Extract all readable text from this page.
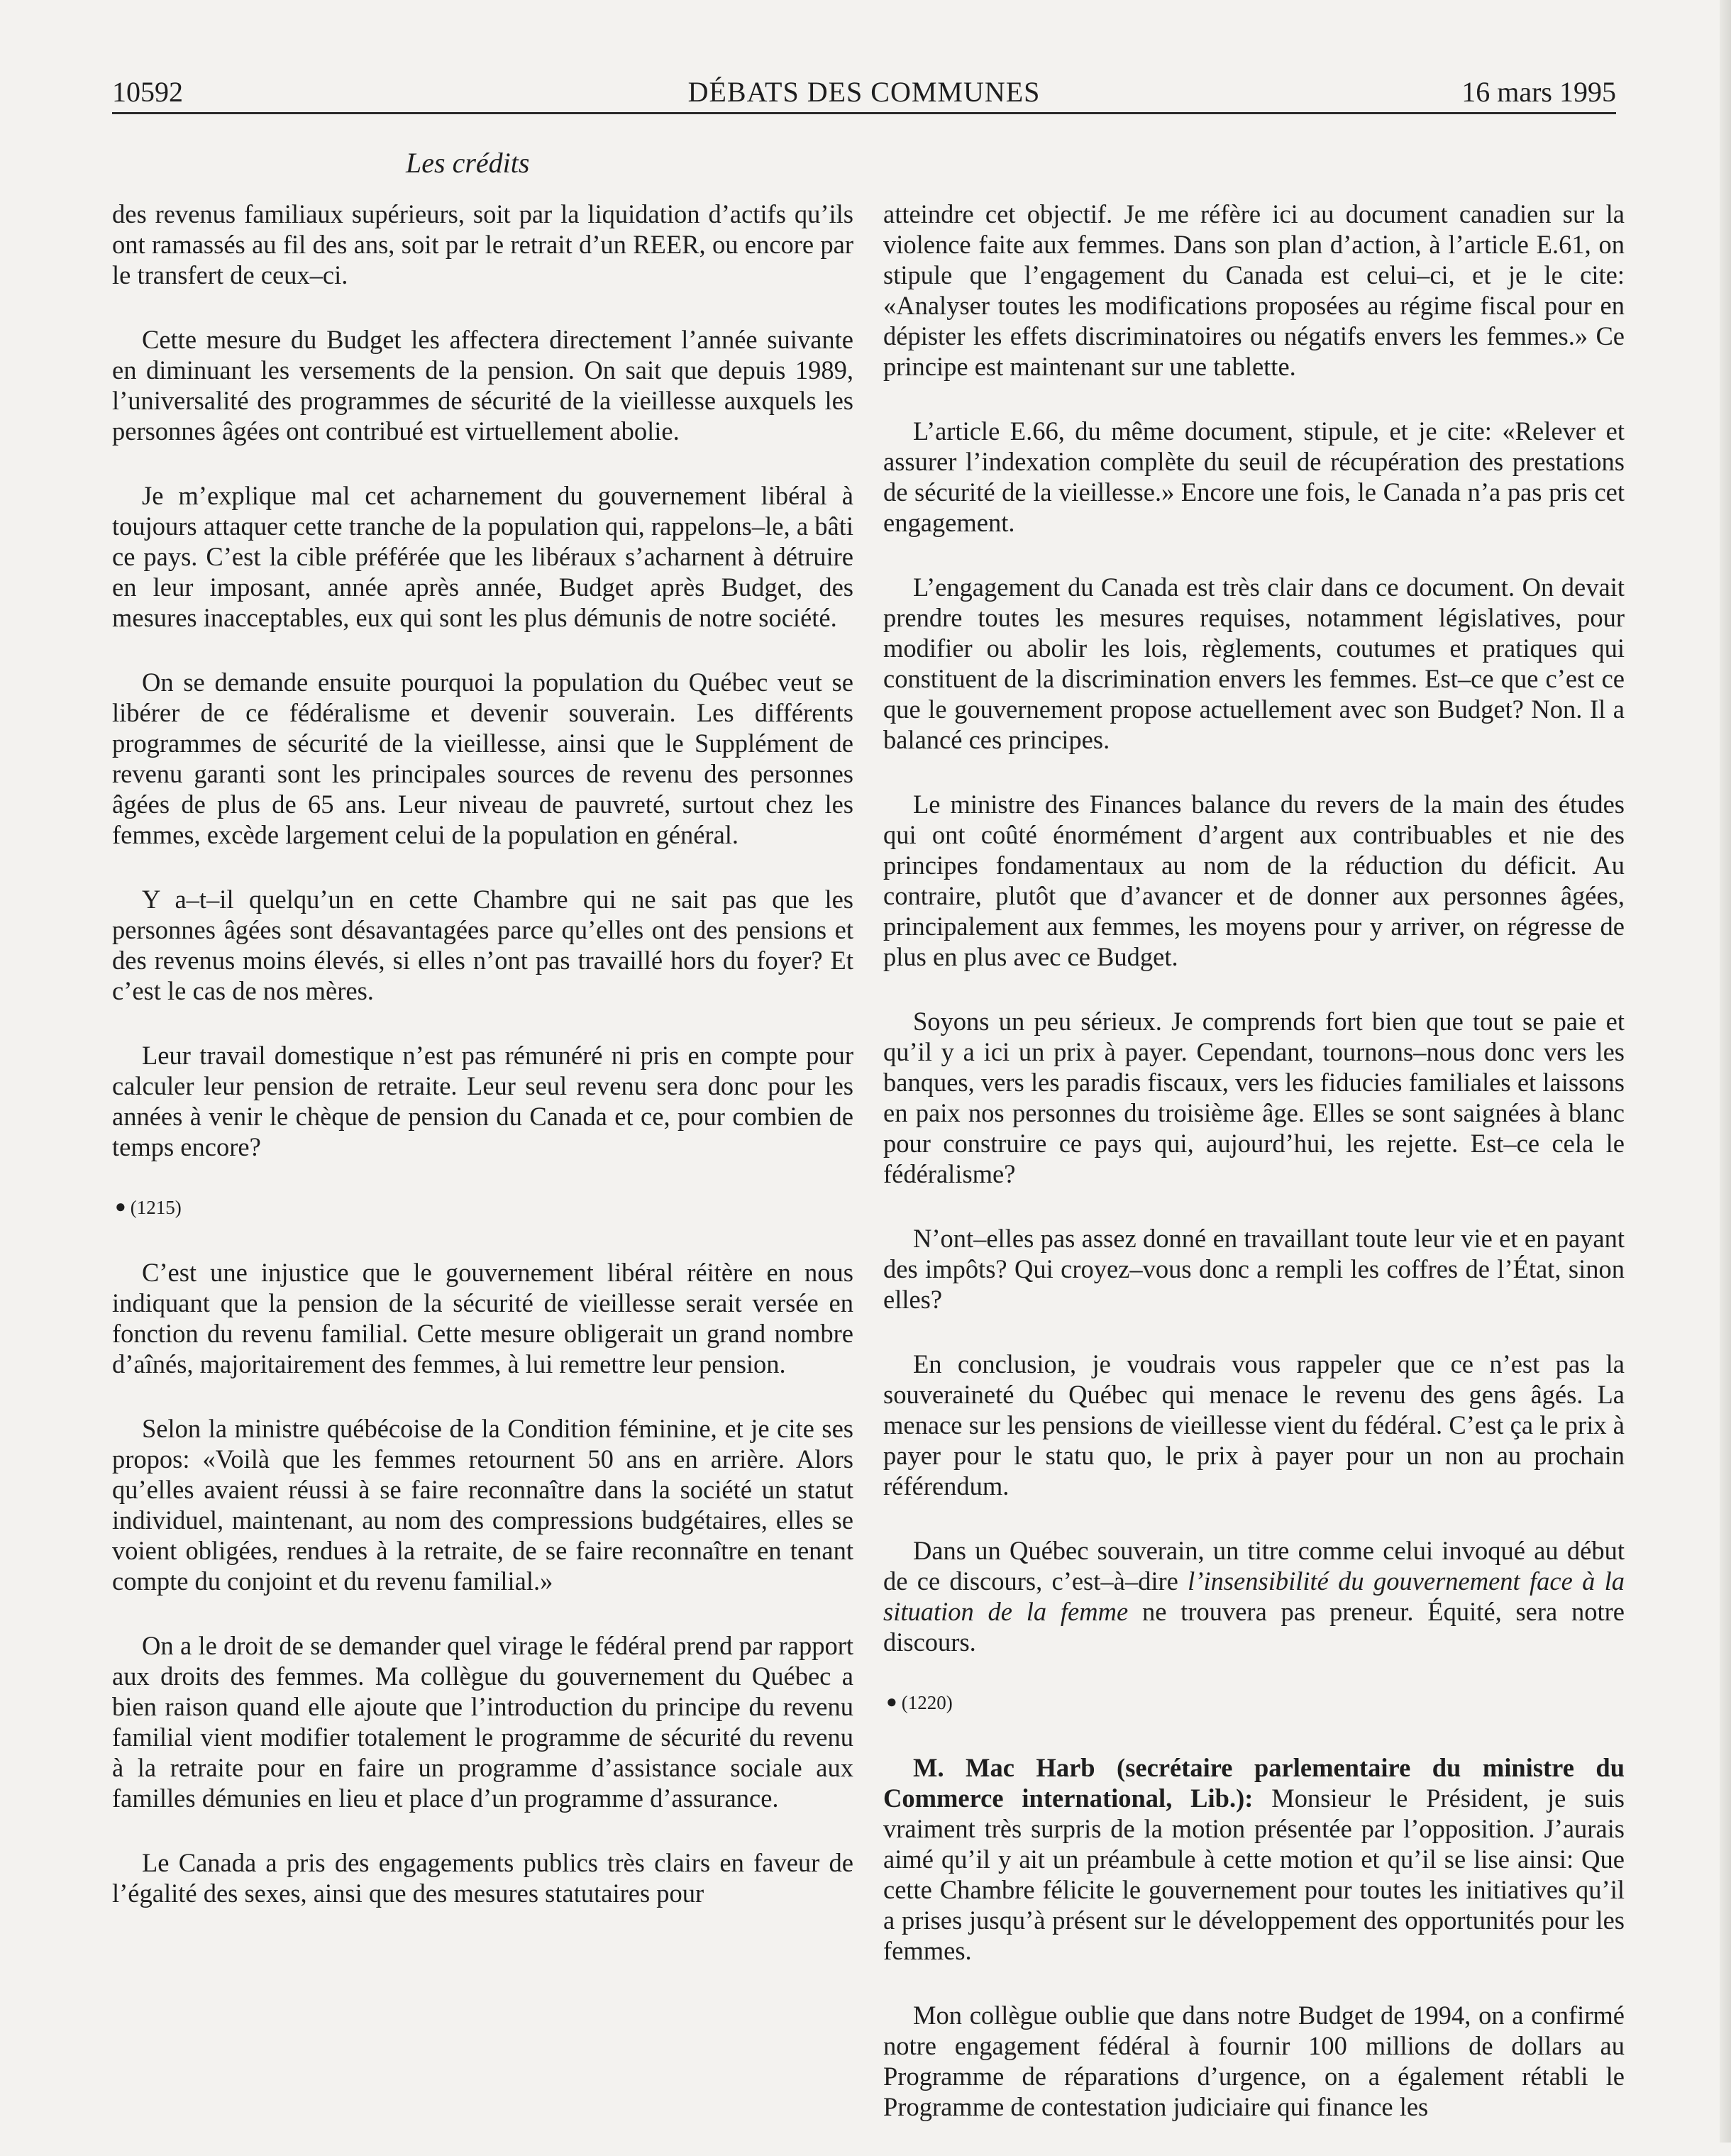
10592	DÉBATS DES COMMUNES	16 mars 1995
Les crédits

des revenus familiaux supérieurs, soit par la liquidation d’actifs qu’ils ont ramassés au fil des ans, soit par le retrait d’un REER, ou encore par le transfert de ceux–ci.

Cette mesure du Budget les affectera directement l’année suivante en diminuant les versements de la pension. On sait que depuis 1989, l’universalité des programmes de sécurité de la vieillesse auxquels les personnes âgées ont contribué est virtuellement abolie.

Je m’explique mal cet acharnement du gouvernement libéral à toujours attaquer cette tranche de la population qui, rappelons–le, a bâti ce pays. C’est la cible préférée que les libéraux s’acharnent à détruire en leur imposant, année après année, Budget après Budget, des mesures inacceptables, eux qui sont les plus démunis de notre société.

On se demande ensuite pourquoi la population du Québec veut se libérer de ce fédéralisme et devenir souverain. Les différents programmes de sécurité de la vieillesse, ainsi que le Supplément de revenu garanti sont les principales sources de revenu des personnes âgées de plus de 65 ans. Leur niveau de pauvreté, surtout chez les femmes, excède largement celui de la population en général.

Y a–t–il quelqu’un en cette Chambre qui ne sait pas que les personnes âgées sont désavantagées parce qu’elles ont des pensions et des revenus moins élevés, si elles n’ont pas travaillé hors du foyer? Et c’est le cas de nos mères.

Leur travail domestique n’est pas rémunéré ni pris en compte pour calculer leur pension de retraite. Leur seul revenu sera donc pour les années à venir le chèque de pension du Canada et ce, pour combien de temps encore?

● (1215)

C’est une injustice que le gouvernement libéral réitère en nous indiquant que la pension de la sécurité de vieillesse serait versée en fonction du revenu familial. Cette mesure obligerait un grand nombre d’aînés, majoritairement des femmes, à lui remettre leur pension.

Selon la ministre québécoise de la Condition féminine, et je cite ses propos: «Voilà que les femmes retournent 50 ans en arrière. Alors qu’elles avaient réussi à se faire reconnaître dans la société un statut individuel, maintenant, au nom des compressions budgétaires, elles se voient obligées, rendues à la retraite, de se faire reconnaître en tenant compte du conjoint et du revenu familial.»

On a le droit de se demander quel virage le fédéral prend par rapport aux droits des femmes. Ma collègue du gouvernement du Québec a bien raison quand elle ajoute que l’introduction du principe du revenu familial vient modifier totalement le programme de sécurité du revenu à la retraite pour en faire un programme d’assistance sociale aux familles démunies en lieu et place d’un programme d’assurance.

Le Canada a pris des engagements publics très clairs en faveur de l’égalité des sexes, ainsi que des mesures statutaires pour

atteindre cet objectif. Je me réfère ici au document canadien sur la violence faite aux femmes. Dans son plan d’action, à l’article E.61, on stipule que l’engagement du Canada est celui–ci, et je le cite: «Analyser toutes les modifications proposées au régime fiscal pour en dépister les effets discriminatoires ou négatifs envers les femmes.» Ce principe est maintenant sur une tablette.

L’article E.66, du même document, stipule, et je cite: «Relever et assurer l’indexation complète du seuil de récupération des prestations de sécurité de la vieillesse.» Encore une fois, le Canada n’a pas pris cet engagement.

L’engagement du Canada est très clair dans ce document. On devait prendre toutes les mesures requises, notamment législatives, pour modifier ou abolir les lois, règlements, coutumes et pratiques qui constituent de la discrimination envers les femmes. Est–ce que c’est ce que le gouvernement propose actuellement avec son Budget? Non. Il a balancé ces principes.

Le ministre des Finances balance du revers de la main des études qui ont coûté énormément d’argent aux contribuables et nie des principes fondamentaux au nom de la réduction du déficit. Au contraire, plutôt que d’avancer et de donner aux personnes âgées, principalement aux femmes, les moyens pour y arriver, on régresse de plus en plus avec ce Budget.

Soyons un peu sérieux. Je comprends fort bien que tout se paie et qu’il y a ici un prix à payer. Cependant, tournons–nous donc vers les banques, vers les paradis fiscaux, vers les fiducies familiales et laissons en paix nos personnes du troisième âge. Elles se sont saignées à blanc pour construire ce pays qui, aujourd’hui, les rejette. Est–ce cela le fédéralisme?

N’ont–elles pas assez donné en travaillant toute leur vie et en payant des impôts? Qui croyez–vous donc a rempli les coffres de l’État, sinon elles?

En conclusion, je voudrais vous rappeler que ce n’est pas la souveraineté du Québec qui menace le revenu des gens âgés. La menace sur les pensions de vieillesse vient du fédéral. C’est ça le prix à payer pour le statu quo, le prix à payer pour un non au prochain référendum.

Dans un Québec souverain, un titre comme celui invoqué au début de ce discours, c’est–à–dire l’insensibilité du gouvernement face à la situation de la femme ne trouvera pas preneur. Équité, sera notre discours.

● (1220)

M. Mac Harb (secrétaire parlementaire du ministre du Commerce international, Lib.): Monsieur le Président, je suis vraiment très surpris de la motion présentée par l’opposition. J’aurais aimé qu’il y ait un préambule à cette motion et qu’il se lise ainsi: Que cette Chambre félicite le gouvernement pour toutes les initiatives qu’il a prises jusqu’à présent sur le développement des opportunités pour les femmes.

Mon collègue oublie que dans notre Budget de 1994, on a confirmé notre engagement fédéral à fournir 100 millions de dollars au Programme de réparations d’urgence, on a également rétabli le Programme de contestation judiciaire qui finance les
